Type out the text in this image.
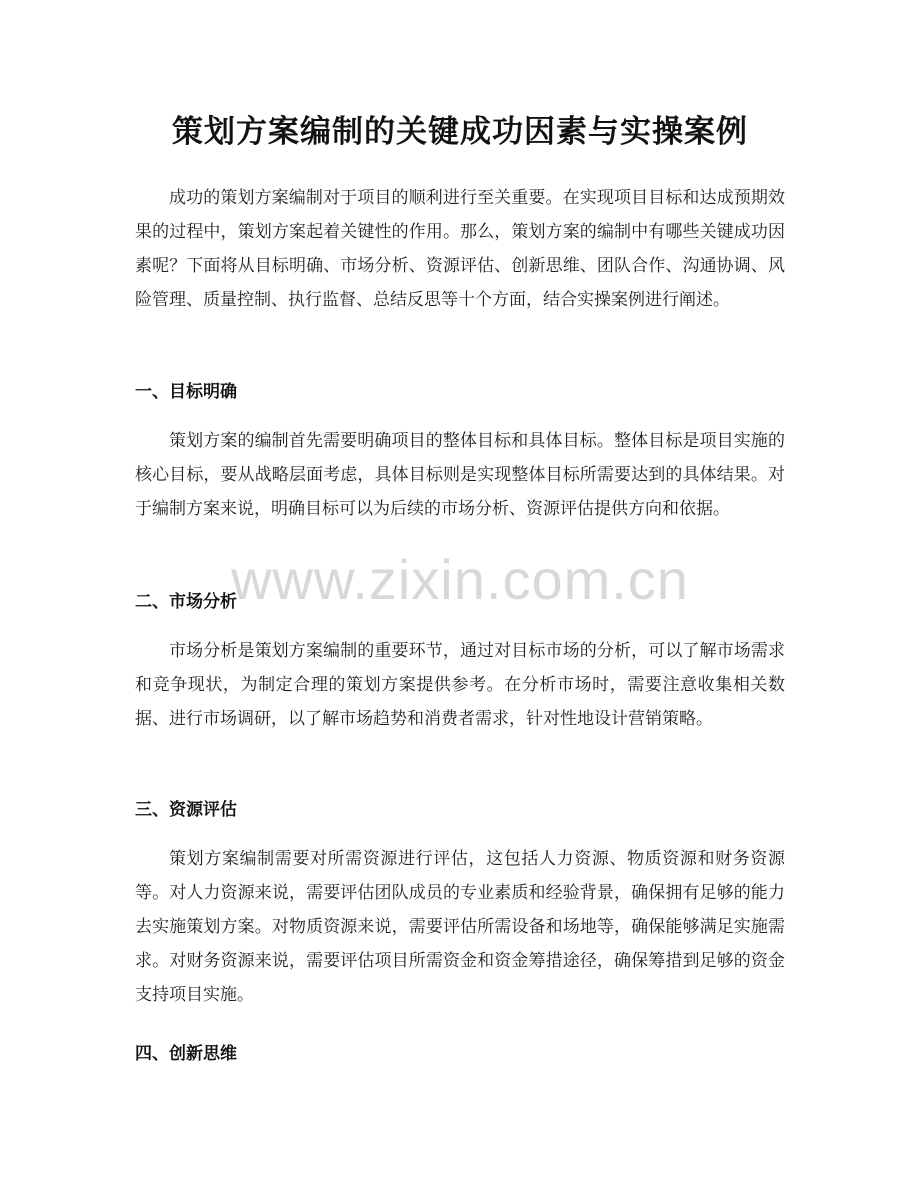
策划方案编制的关键成功因素与实操案例
成功的策划方案编制对于项目的顺利进行至关重要。在实现项目目标和达成预期效果的过程中，策划方案起着关键性的作用。那么，策划方案的编制中有哪些关键成功因素呢？下面将从目标明确、市场分析、资源评估、创新思维、团队合作、沟通协调、风险管理、质量控制、执行监督、总结反思等十个方面，结合实操案例进行阐述。
一、目标明确
策划方案的编制首先需要明确项目的整体目标和具体目标。整体目标是项目实施的核心目标，要从战略层面考虑，具体目标则是实现整体目标所需要达到的具体结果。对于编制方案来说，明确目标可以为后续的市场分析、资源评估提供方向和依据。
二、市场分析
市场分析是策划方案编制的重要环节，通过对目标市场的分析，可以了解市场需求和竞争现状，为制定合理的策划方案提供参考。在分析市场时，需要注意收集相关数据、进行市场调研，以了解市场趋势和消费者需求，针对性地设计营销策略。
三、资源评估
策划方案编制需要对所需资源进行评估，这包括人力资源、物质资源和财务资源等。对人力资源来说，需要评估团队成员的专业素质和经验背景，确保拥有足够的能力去实施策划方案。对物质资源来说，需要评估所需设备和场地等，确保能够满足实施需求。对财务资源来说，需要评估项目所需资金和资金筹措途径，确保筹措到足够的资金支持项目实施。
四、创新思维
www.zixin.com.cn
